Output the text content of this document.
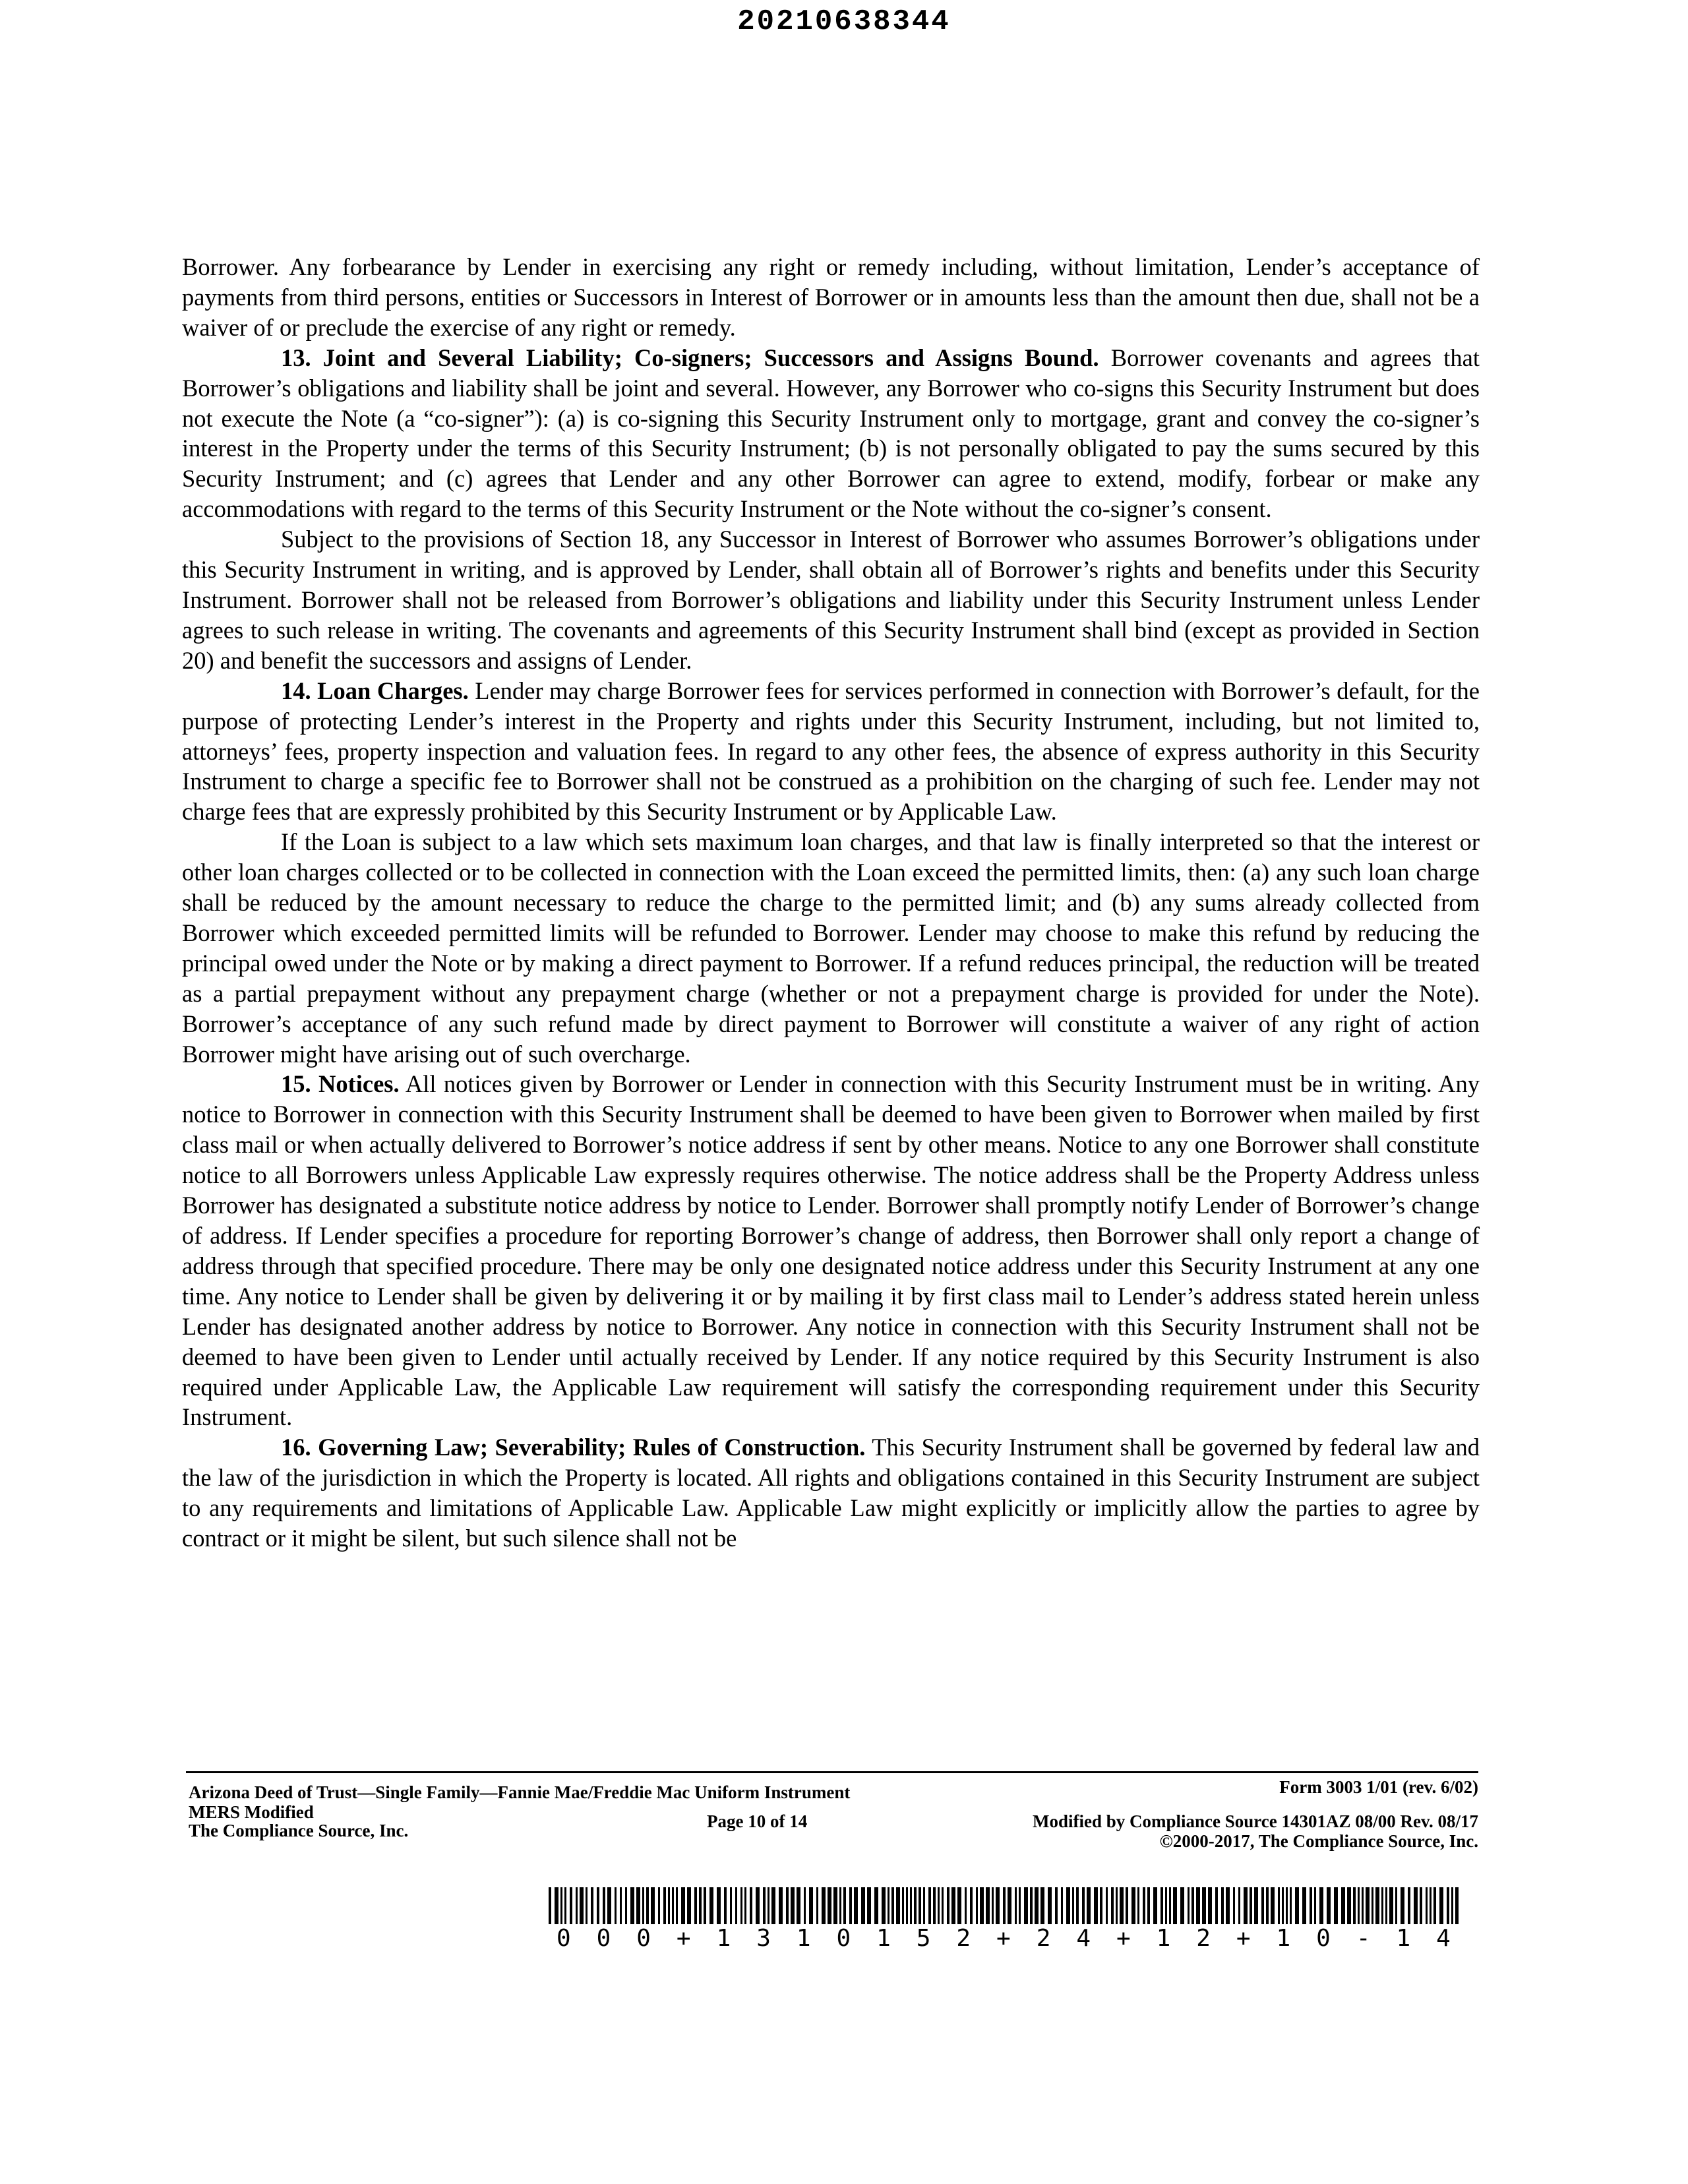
20210638344

Borrower. Any forbearance by Lender in exercising any right or remedy including, without limitation, Lender’s acceptance of payments from third persons, entities or Successors in Interest of Borrower or in amounts less than the amount then due, shall not be a waiver of or preclude the exercise of any right or remedy.

13. Joint and Several Liability; Co-signers; Successors and Assigns Bound. Borrower covenants and agrees that Borrower’s obligations and liability shall be joint and several. However, any Borrower who co-signs this Security Instrument but does not execute the Note (a “co-signer”): (a) is co-signing this Security Instrument only to mortgage, grant and convey the co-signer’s interest in the Property under the terms of this Security Instrument; (b) is not personally obligated to pay the sums secured by this Security Instrument; and (c) agrees that Lender and any other Borrower can agree to extend, modify, forbear or make any accommodations with regard to the terms of this Security Instrument or the Note without the co-signer’s consent.

Subject to the provisions of Section 18, any Successor in Interest of Borrower who assumes Borrower’s obligations under this Security Instrument in writing, and is approved by Lender, shall obtain all of Borrower’s rights and benefits under this Security Instrument. Borrower shall not be released from Borrower’s obligations and liability under this Security Instrument unless Lender agrees to such release in writing. The covenants and agreements of this Security Instrument shall bind (except as provided in Section 20) and benefit the successors and assigns of Lender.

14. Loan Charges. Lender may charge Borrower fees for services performed in connection with Borrower’s default, for the purpose of protecting Lender’s interest in the Property and rights under this Security Instrument, including, but not limited to, attorneys’ fees, property inspection and valuation fees. In regard to any other fees, the absence of express authority in this Security Instrument to charge a specific fee to Borrower shall not be construed as a prohibition on the charging of such fee. Lender may not charge fees that are expressly prohibited by this Security Instrument or by Applicable Law.

If the Loan is subject to a law which sets maximum loan charges, and that law is finally interpreted so that the interest or other loan charges collected or to be collected in connection with the Loan exceed the permitted limits, then: (a) any such loan charge shall be reduced by the amount necessary to reduce the charge to the permitted limit; and (b) any sums already collected from Borrower which exceeded permitted limits will be refunded to Borrower. Lender may choose to make this refund by reducing the principal owed under the Note or by making a direct payment to Borrower. If a refund reduces principal, the reduction will be treated as a partial prepayment without any prepayment charge (whether or not a prepayment charge is provided for under the Note). Borrower’s acceptance of any such refund made by direct payment to Borrower will constitute a waiver of any right of action Borrower might have arising out of such overcharge.

15. Notices. All notices given by Borrower or Lender in connection with this Security Instrument must be in writing. Any notice to Borrower in connection with this Security Instrument shall be deemed to have been given to Borrower when mailed by first class mail or when actually delivered to Borrower’s notice address if sent by other means. Notice to any one Borrower shall constitute notice to all Borrowers unless Applicable Law expressly requires otherwise. The notice address shall be the Property Address unless Borrower has designated a substitute notice address by notice to Lender. Borrower shall promptly notify Lender of Borrower’s change of address. If Lender specifies a procedure for reporting Borrower’s change of address, then Borrower shall only report a change of address through that specified procedure. There may be only one designated notice address under this Security Instrument at any one time. Any notice to Lender shall be given by delivering it or by mailing it by first class mail to Lender’s address stated herein unless Lender has designated another address by notice to Borrower. Any notice in connection with this Security Instrument shall not be deemed to have been given to Lender until actually received by Lender. If any notice required by this Security Instrument is also required under Applicable Law, the Applicable Law requirement will satisfy the corresponding requirement under this Security Instrument.

16. Governing Law; Severability; Rules of Construction. This Security Instrument shall be governed by federal law and the law of the jurisdiction in which the Property is located. All rights and obligations contained in this Security Instrument are subject to any requirements and limitations of Applicable Law. Applicable Law might explicitly or implicitly allow the parties to agree by contract or it might be silent, but such silence shall not be

Arizona Deed of Trust—Single Family—Fannie Mae/Freddie Mac Uniform Instrument	Form 3003 1/01 (rev. 6/02)
MERS Modified
The Compliance Source, Inc.	Page 10 of 14	Modified by Compliance Source 14301AZ 08/00 Rev. 08/17
©2000-2017, The Compliance Source, Inc.
0 0 0 + 1 3 1 0 1 5 2 + 2 4 + 1 2 + 1 0 - 1 4
